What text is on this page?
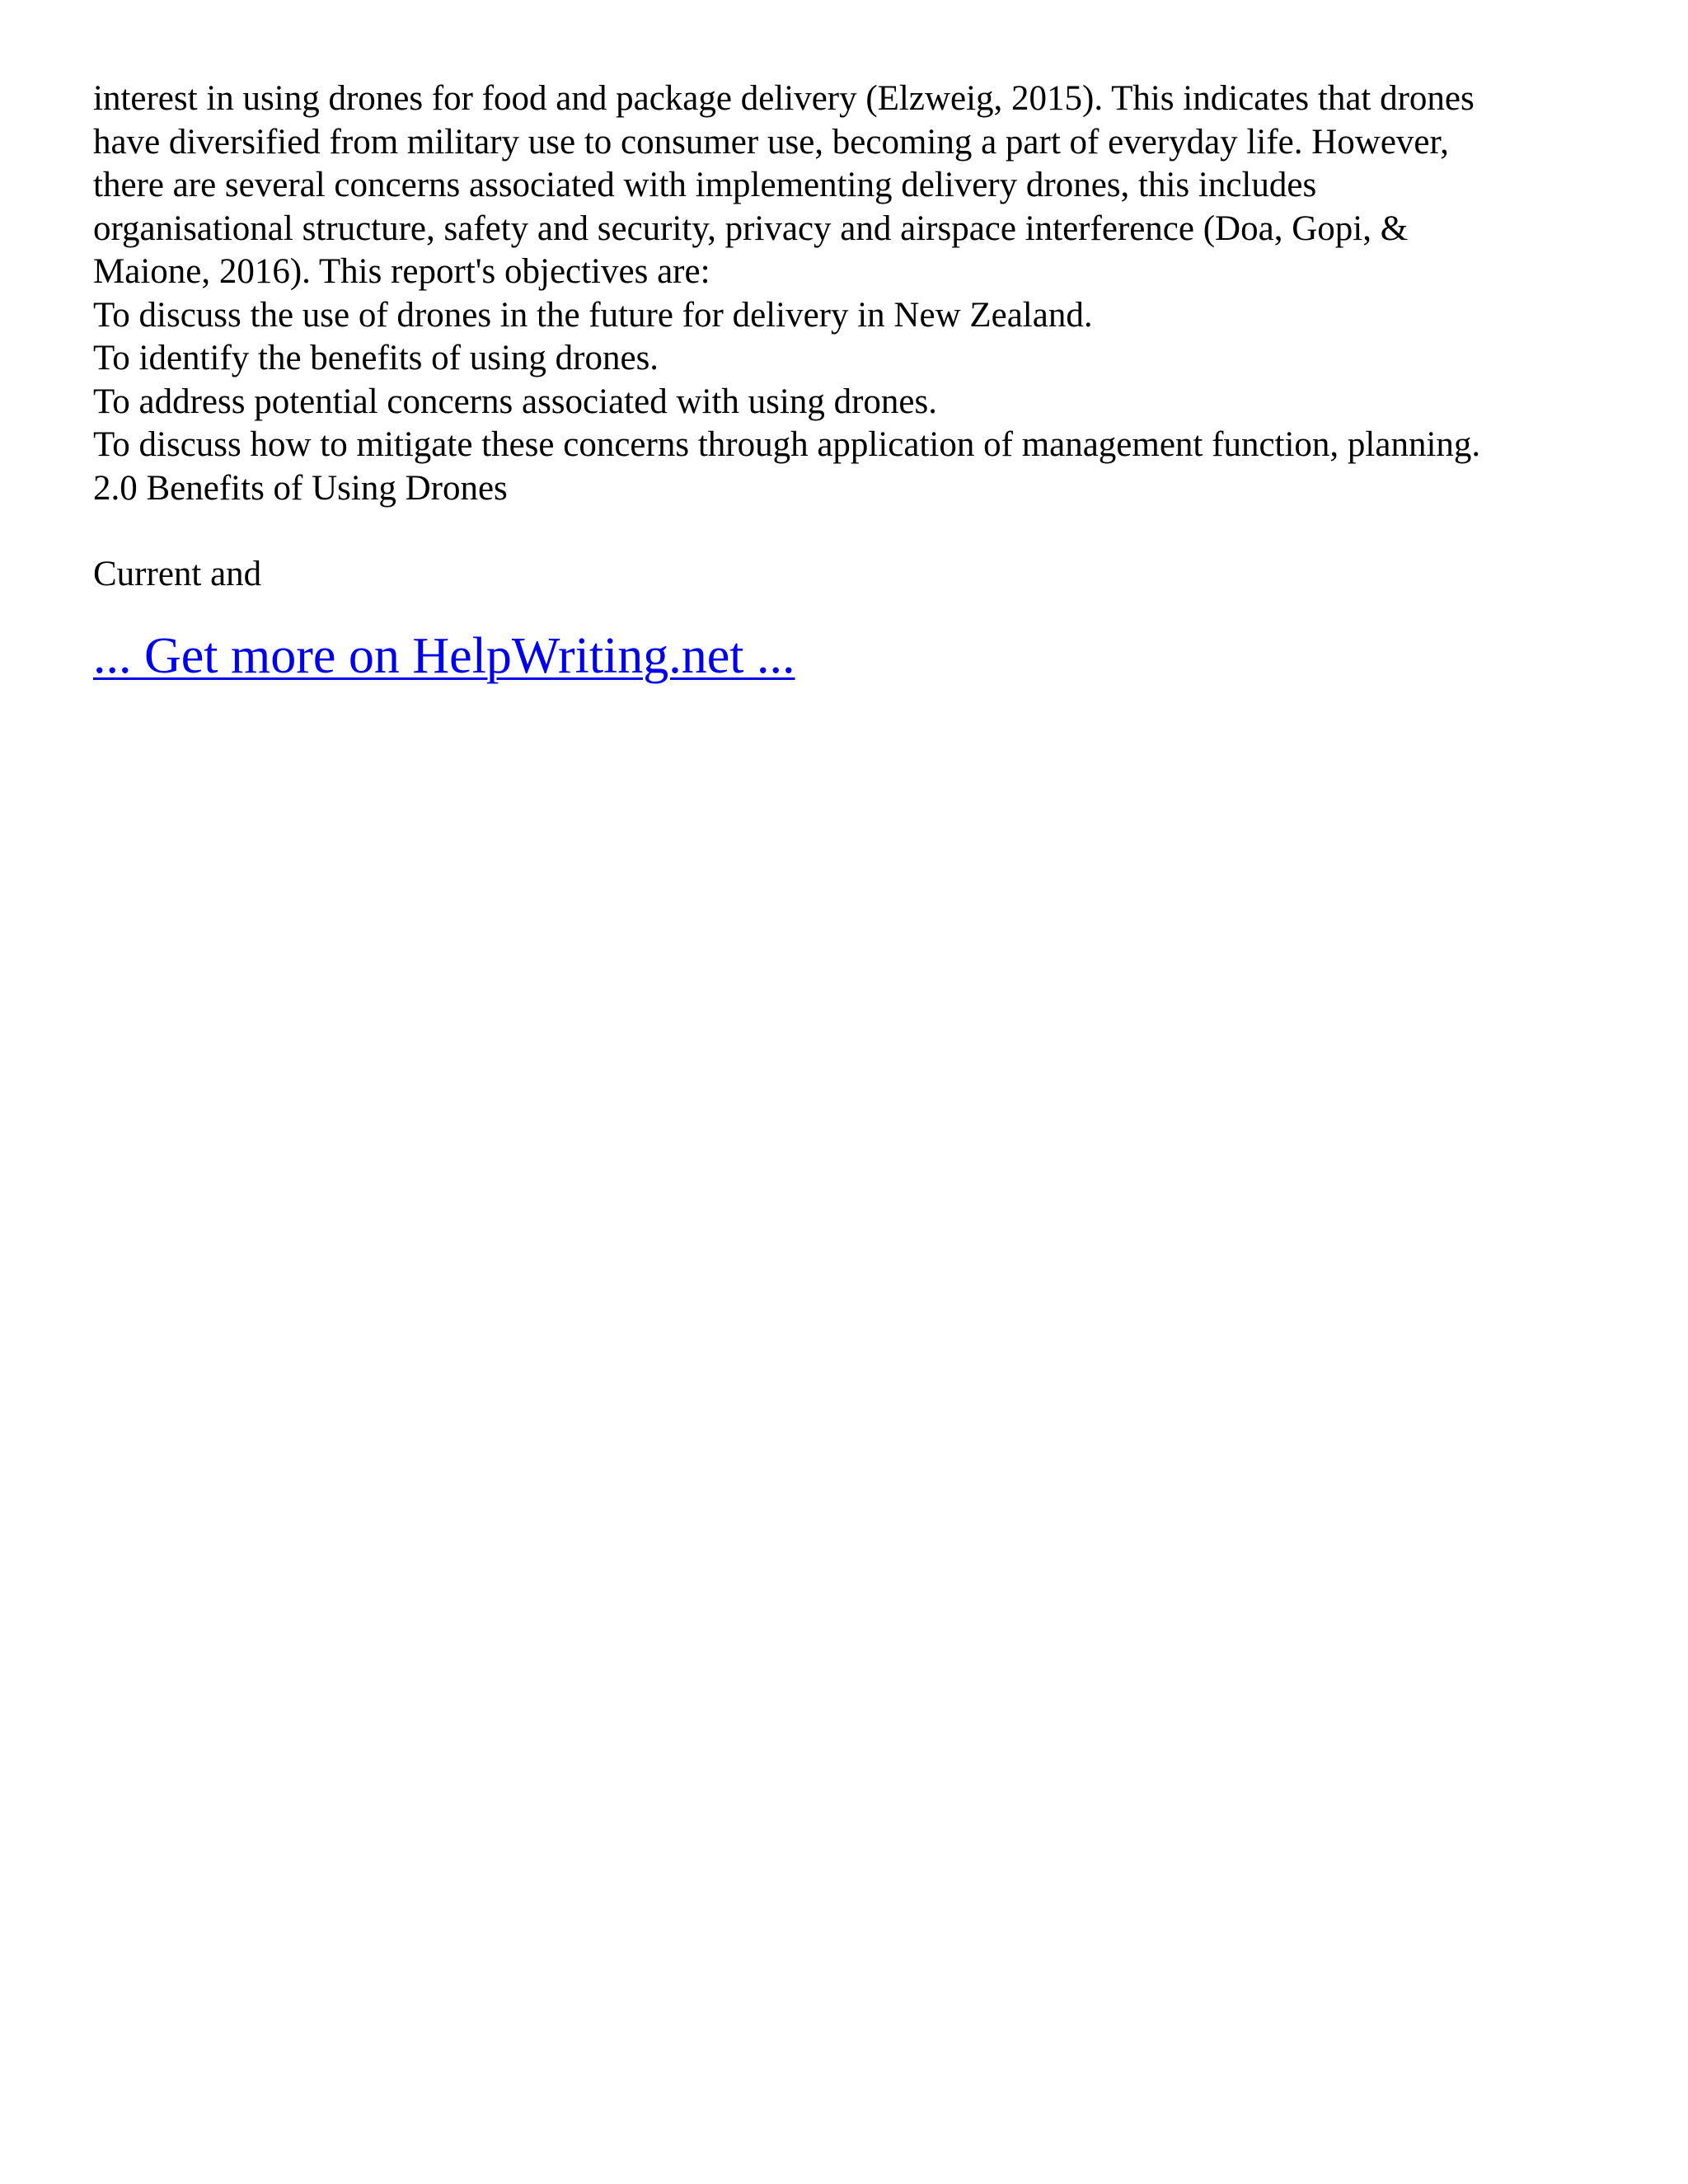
interest in using drones for food and package delivery (Elzweig, 2015). This indicates that drones
have diversified from military use to consumer use, becoming a part of everyday life. However,
there are several concerns associated with implementing delivery drones, this includes
organisational structure, safety and security, privacy and airspace interference (Doa, Gopi, &
Maione, 2016). This report's objectives are:

To discuss the use of drones in the future for delivery in New Zealand.

To identify the benefits of using drones.

To address potential concerns associated with using drones.

To discuss how to mitigate these concerns through application of management function, planning.

2.0 Benefits of Using Drones

Current and

... Get more on HelpWriting.net ...
